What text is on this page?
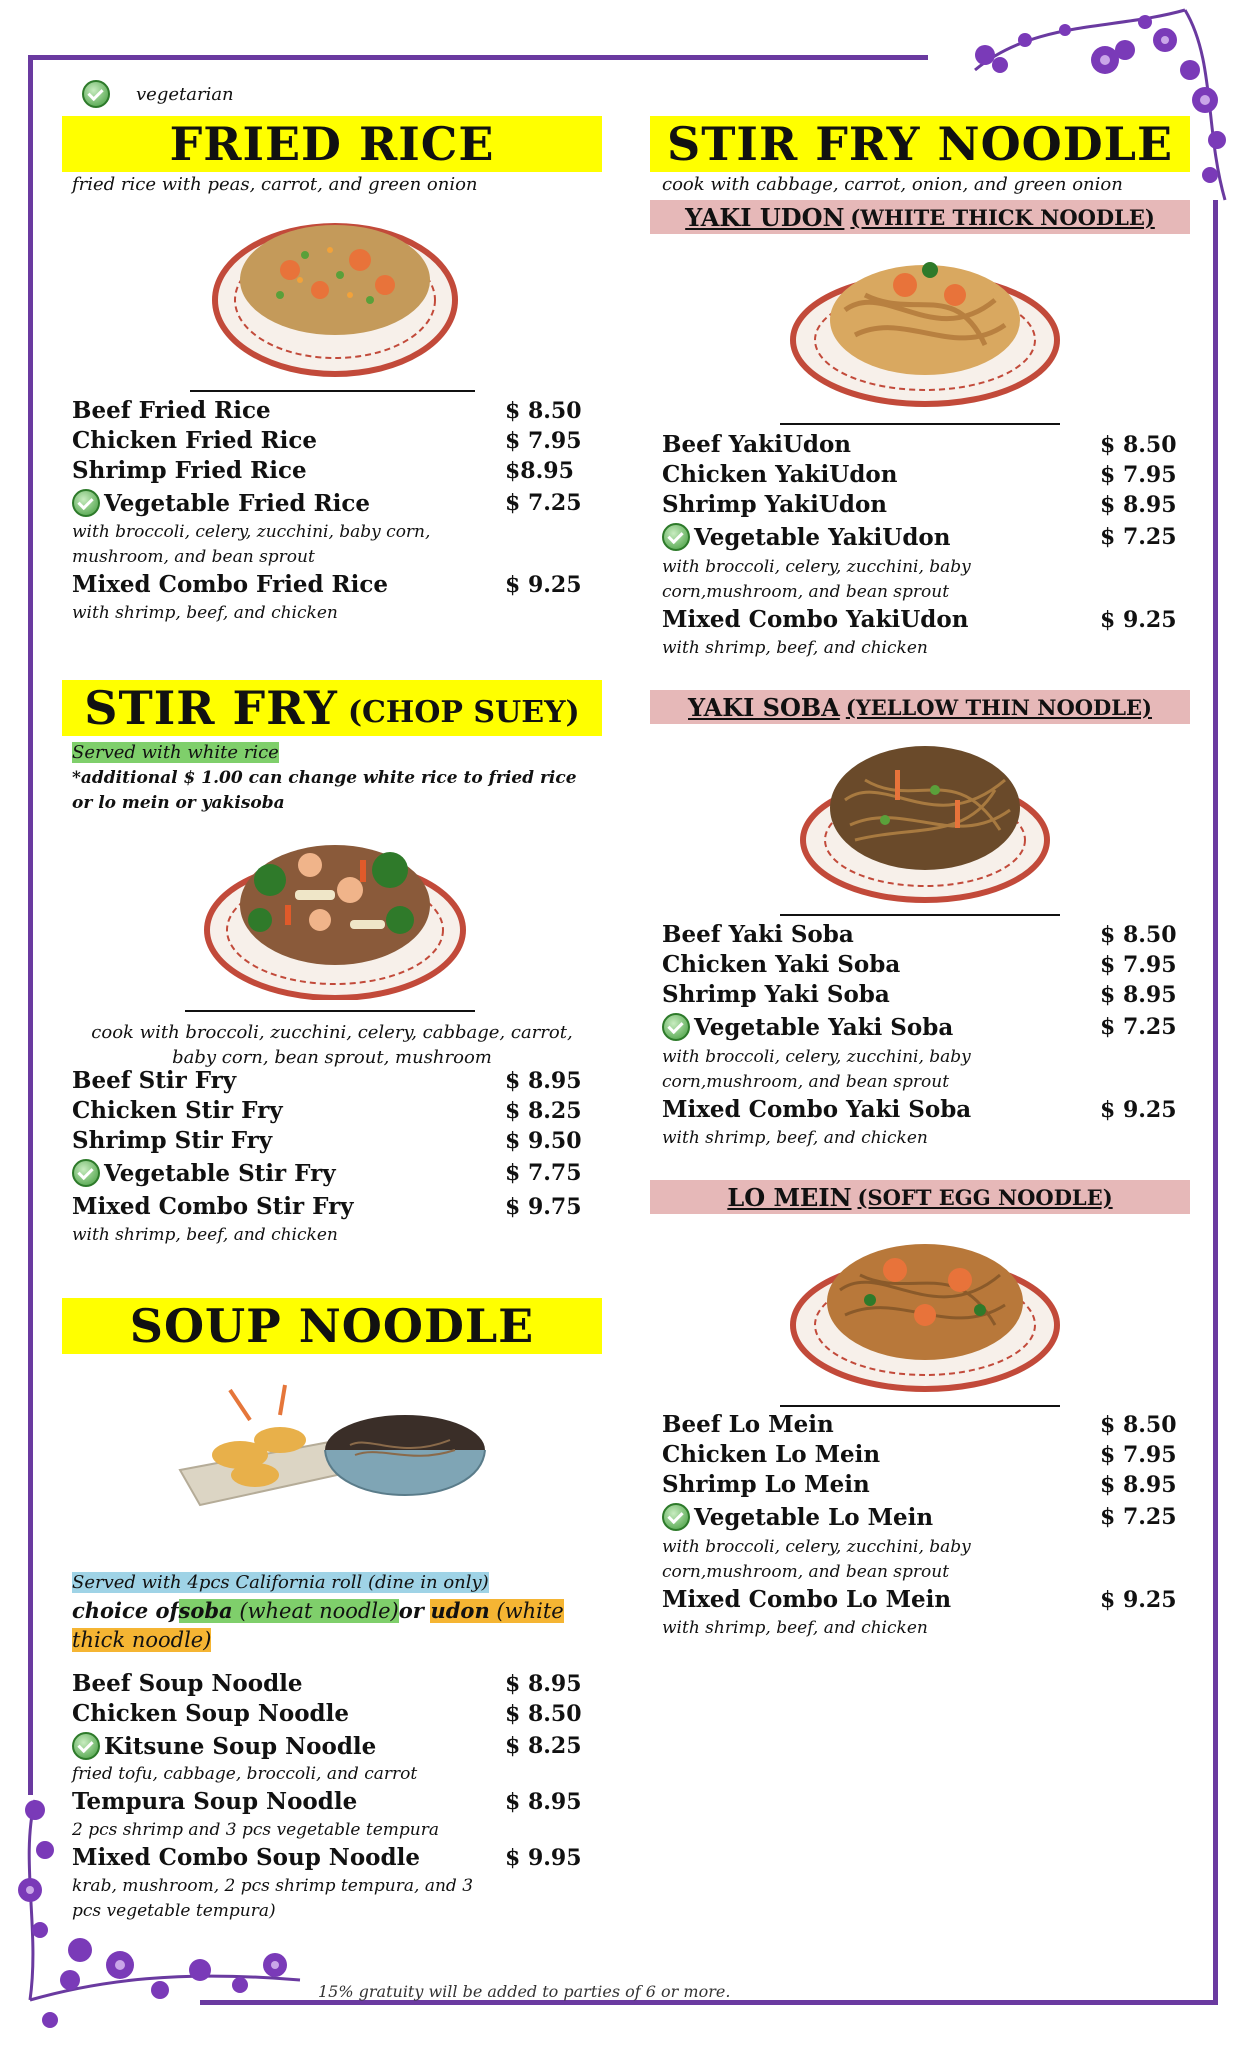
vegetarian
FRIED RICE
fried rice with peas, carrot, and green onion
Beef Fried Rice	$ 8.50
Chicken Fried Rice	$ 7.95
Shrimp Fried Rice	$8.95
Vegetable Fried Rice	$ 7.25
with broccoli, celery, zucchini, baby corn, mushroom, and bean sprout
Mixed Combo Fried Rice	$ 9.25
with shrimp, beef, and chicken
STIR FRY (CHOP SUEY)
Served with white rice
*additional $ 1.00 can change white rice to fried rice or lo mein or yakisoba
cook with broccoli, zucchini, celery, cabbage, carrot, baby corn, bean sprout, mushroom
Beef Stir Fry	$ 8.95
Chicken Stir Fry	$ 8.25
Shrimp Stir Fry	$ 9.50
Vegetable Stir Fry	$ 7.75
Mixed Combo Stir Fry	$ 9.75
with shrimp, beef, and chicken
SOUP NOODLE
Served with 4pcs California roll (dine in only)
choice ofsoba (wheat noodle)or udon (white thick noodle)
Beef Soup Noodle	$ 8.95
Chicken Soup Noodle	$ 8.50
Kitsune Soup Noodle	$ 8.25
fried tofu, cabbage, broccoli, and carrot
Tempura Soup Noodle	$ 8.95
2 pcs shrimp and 3 pcs vegetable tempura
Mixed Combo Soup Noodle	$ 9.95
krab, mushroom, 2 pcs shrimp tempura, and 3 pcs vegetable tempura)
STIR FRY NOODLE
cook with cabbage, carrot, onion, and green onion
YAKI UDON (WHITE THICK NOODLE)
Beef YakiUdon	$ 8.50
Chicken YakiUdon	$ 7.95
Shrimp YakiUdon	$ 8.95
Vegetable YakiUdon	$ 7.25
with broccoli, celery, zucchini, baby corn,mushroom, and bean sprout
Mixed Combo YakiUdon	$ 9.25
with shrimp, beef, and chicken
YAKI SOBA (YELLOW THIN NOODLE)
Beef Yaki Soba	$ 8.50
Chicken Yaki Soba	$ 7.95
Shrimp Yaki Soba	$ 8.95
Vegetable Yaki Soba	$ 7.25
with broccoli, celery, zucchini, baby corn,mushroom, and bean sprout
Mixed Combo Yaki Soba	$ 9.25
with shrimp, beef, and chicken
LO MEIN (SOFT EGG NOODLE)
Beef Lo Mein	$ 8.50
Chicken Lo Mein	$ 7.95
Shrimp Lo Mein	$ 8.95
Vegetable Lo Mein	$ 7.25
with broccoli, celery, zucchini, baby corn,mushroom, and bean sprout
Mixed Combo Lo Mein	$ 9.25
with shrimp, beef, and chicken
15% gratuity will be added to parties of 6 or more.
